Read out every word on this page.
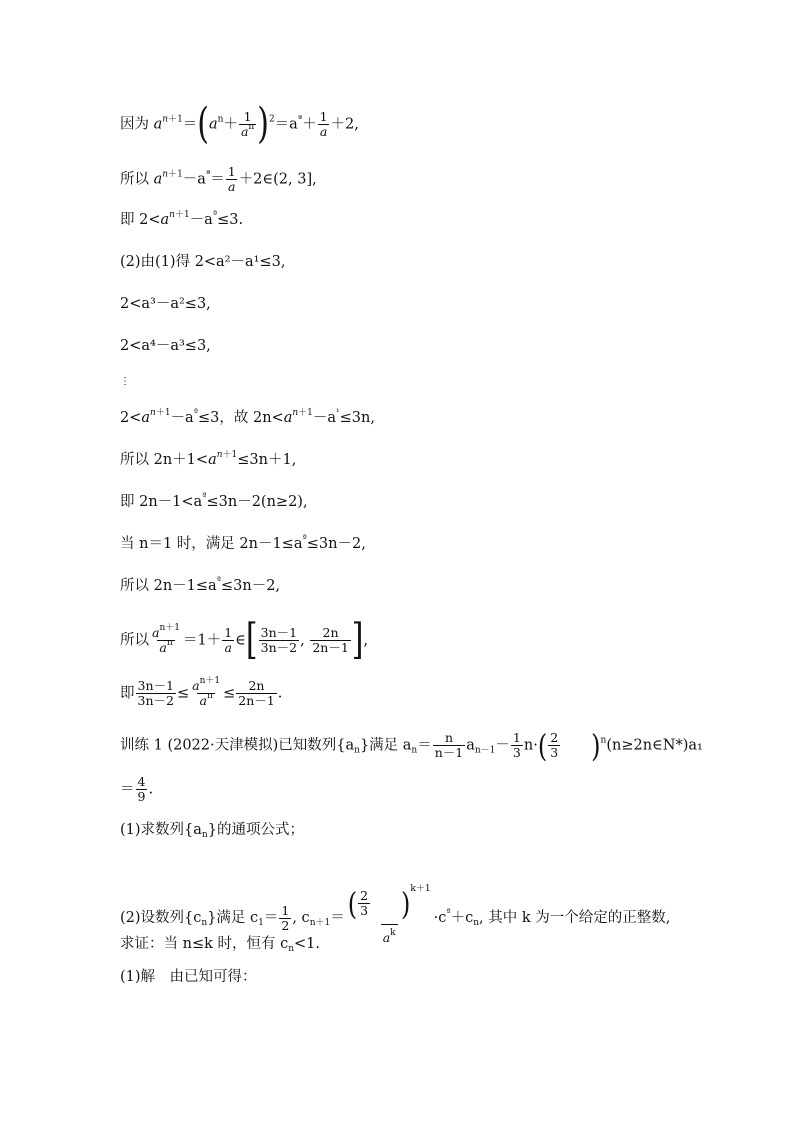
因为 $a^{n+1}=(a^n+ \frac{1}{a^n} )^2=a^ª+ \frac{1}{a} +2$,
所以 $a^{n+1}-a^ª= \frac{1}{a}$ ＋2∈(2, 3],
即 $2<a^{n+1}-a^ª\le 3$.
(2)由(1)得 2<a²－a¹≤3,
2<a³－a²≤3,
2<a⁴－a³≤3,
⋮
$2<a^{n+1}-a^ª\le 3$，故 $2n<a^{n+1}-a^{^1}\le 3n$,
所以 $2n+1<a^{n+1}\le 3n+1$,
即 $2n-1<a^ª\le 3n-2(n\ge 2)$,
当 n＝1 时，满足 $2n-1\le a^ª\le 3n-2$,
所以 $2n-1\le a^ª\le 3n-2$,
所以 $\frac{a^{n+1}}{a^n} =1+ \frac{1}{a}$ ∈[ $\frac{3n-1}{3n-2}$ , $\frac{2n}{2n-1}$ ],
即 $\frac{3n-1}{3n-2} \le \frac{a^{n+1}}{a^n} \le \frac{2n}{2n-1}$ .
训练 1 (2022·天津模拟)已知数列$\{a_n\}$满足 $a_n= \frac{n}{n-1} a_{n-1}- \frac{1}{3} n\cdot( \frac{2}{3}$ )$^n(n\ge 2n\in N*)a_1$
＝ $\frac{4}{9}$ .
(1)求数列$\{a_n\}$的通项公式；
(2)设数列$\{c_n\}$满足 $c_1= \frac{1}{2}$ , $c_{n+1}= \frac{( \frac{2}{3} )^{k+1}}{a^k} \cdot c^ª+c_n$, 其中 k 为一个给定的正整数,
求证：当 n≤k 时，恒有 $c_n<1$.
(1)解　由已知可得：
